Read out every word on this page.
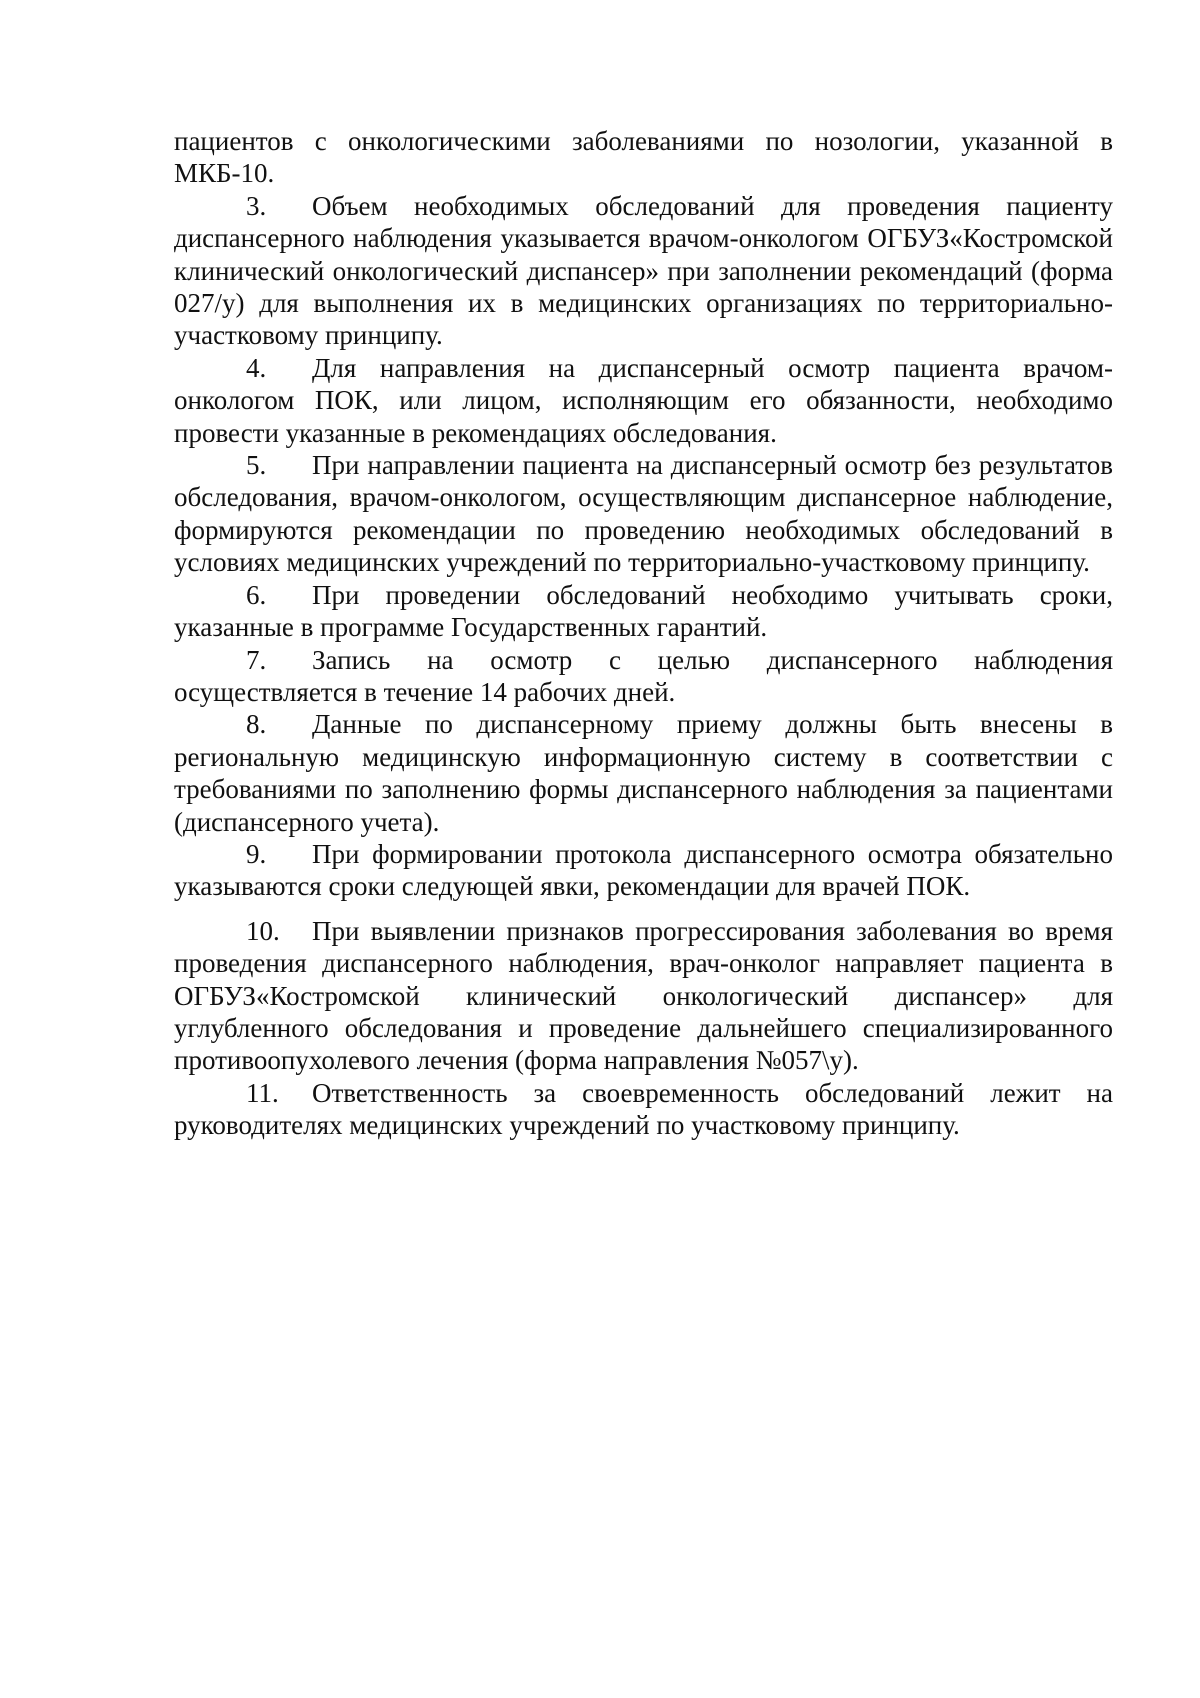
пациентов с онкологическими заболеваниями по нозологии, указанной в МКБ-10.

3. Объем необходимых обследований для проведения пациенту диспансерного наблюдения указывается врачом-онкологом ОГБУЗ«Костромской клинический онкологический диспансер» при заполнении рекомендаций (форма 027/у) для выполнения их в медицинских организациях по территориально-участковому принципу.

4. Для направления на диспансерный осмотр пациента врачом-онкологом ПОК, или лицом, исполняющим его обязанности, необходимо провести указанные в рекомендациях обследования.

5. При направлении пациента на диспансерный осмотр без результатов обследования, врачом-онкологом, осуществляющим диспансерное наблюдение, формируются рекомендации по проведению необходимых обследований в условиях медицинских учреждений по территориально-участковому принципу.

6. При проведении обследований необходимо учитывать сроки, указанные в программе Государственных гарантий.

7. Запись на осмотр с целью диспансерного наблюдения осуществляется в течение 14 рабочих дней.

8. Данные по диспансерному приему должны быть внесены в региональную медицинскую информационную систему в соответствии с требованиями по заполнению формы диспансерного наблюдения за пациентами (диспансерного учета).

9. При формировании протокола диспансерного осмотра обязательно указываются сроки следующей явки, рекомендации для врачей ПОК.

10. При выявлении признаков прогрессирования заболевания во время проведения диспансерного наблюдения, врач-онколог направляет пациента в ОГБУЗ«Костромской клинический онкологический диспансер» для углубленного обследования и проведение дальнейшего специализированного противоопухолевого лечения (форма направления №057\у).

11. Ответственность за своевременность обследований лежит на руководителях медицинских учреждений по участковому принципу.
